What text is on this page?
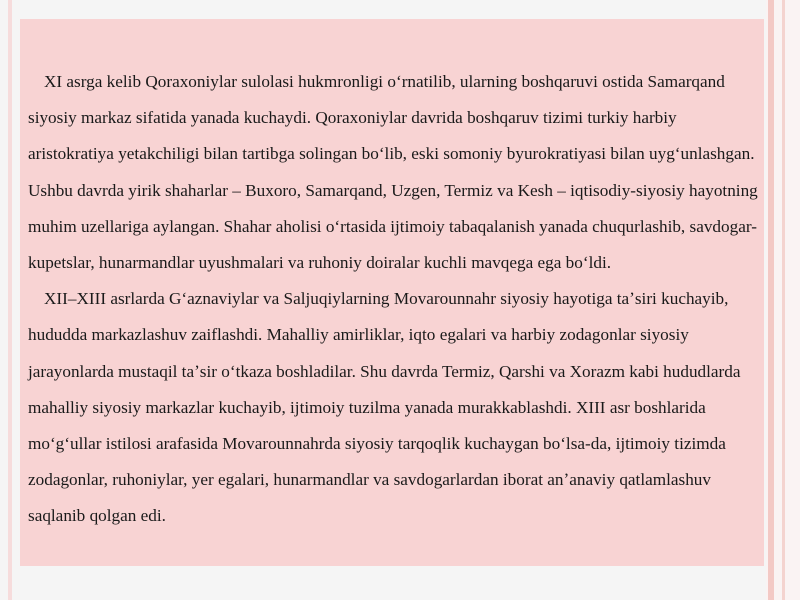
XI asrga kelib Qoraxoniylar sulolasi hukmronligi oʻrnatilib, ularning boshqaruvi ostida Samarqand siyosiy markaz sifatida yanada kuchaydi. Qoraxoniylar davrida boshqaruv tizimi turkiy harbiy aristokratiya yetakchiligi bilan tartibga solingan boʻlib, eski somoniy byurokratiyasi bilan uygʻunlashgan. Ushbu davrda yirik shaharlar – Buxoro, Samarqand, Uzgen, Termiz va Kesh – iqtisodiy-siyosiy hayotning muhim uzellariga aylangan. Shahar aholisi oʻrtasida ijtimoiy tabaqalanish yanada chuqurlashib, savdogar-kupetslar, hunarmandlar uyushmalari va ruhoniy doiralar kuchli mavqega ega boʻldi.

XII–XIII asrlarda Gʻaznaviylar va Saljuqiylarning Movarounnahr siyosiy hayotiga taʼsiri kuchayib, hududda markazlashuv zaiflashdi. Mahalliy amirliklar, iqto egalari va harbiy zodagonlar siyosiy jarayonlarda mustaqil taʼsir oʻtkaza boshladilar. Shu davrda Termiz, Qarshi va Xorazm kabi hududlarda mahalliy siyosiy markazlar kuchayib, ijtimoiy tuzilma yanada murakkablashdi. XIII asr boshlarida moʻgʻullar istilosi arafasida Movarounnahrda siyosiy tarqoqlik kuchaygan boʻlsa-da, ijtimoiy tizimda zodagonlar, ruhoniylar, yer egalari, hunarmandlar va savdogarlardan iborat anʼanaviy qatlamlashuv saqlanib qolgan edi.
